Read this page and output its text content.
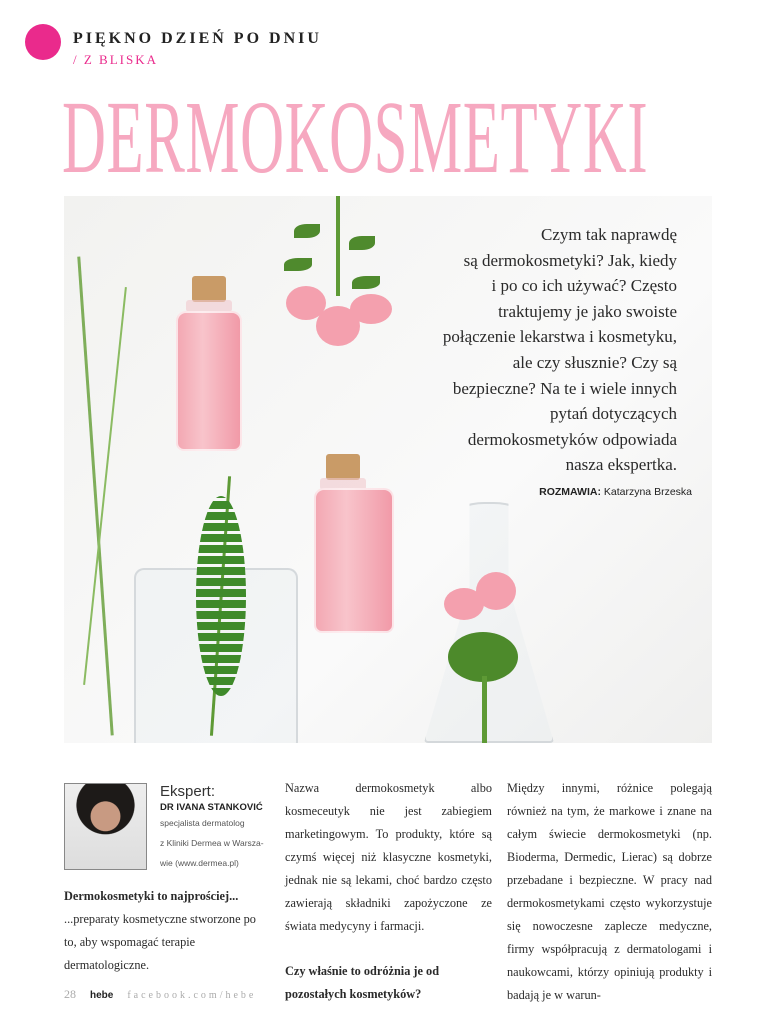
PIĘKNO DZIEŃ PO DNIU
/ Z BLISKA
DERMOKOSMETYKI
Czym tak naprawdę
są dermokosmetyki? Jak, kiedy
i po co ich używać? Często
traktujemy je jako swoiste
połączenie lekarstwa i kosmetyku,
ale czy słusznie? Czy są
bezpieczne? Na te i wiele innych
pytań dotyczących
dermokosmetyków odpowiada
nasza ekspertka.
ROZMAWIA: Katarzyna Brzeska
Ekspert:
DR IVANA STANKOVIĆ
specjalista dermatolog
z Kliniki Dermea w Warsza-
wie (www.dermea.pl)
Dermokosmetyki to najprościej...
...preparaty kosmetyczne stworzone po to, aby wspomagać terapie dermatologiczne.

Nazwa dermokosmetyk albo kosmeceutyk nie jest zabiegiem marketingowym. To produkty, które są czymś więcej niż klasyczne kosmetyki, jednak nie są lekami, choć bardzo często zawierają składniki zapożyczone ze świata medycyny i farmacji.

Czy właśnie to odróżnia je od pozostałych kosmetyków?

Między innymi, różnice polegają również na tym, że markowe i znane na całym świecie dermokosmetyki (np. Bioderma, Dermedic, Lierac) są dobrze przebadane i bezpieczne. W pracy nad dermokosmetykami często wykorzystuje się nowoczesne zaplecze medyczne, firmy współpracują z dermatologami i naukowcami, którzy opiniują produkty i badają je w warun-

28 hebe facebook.com/hebe
